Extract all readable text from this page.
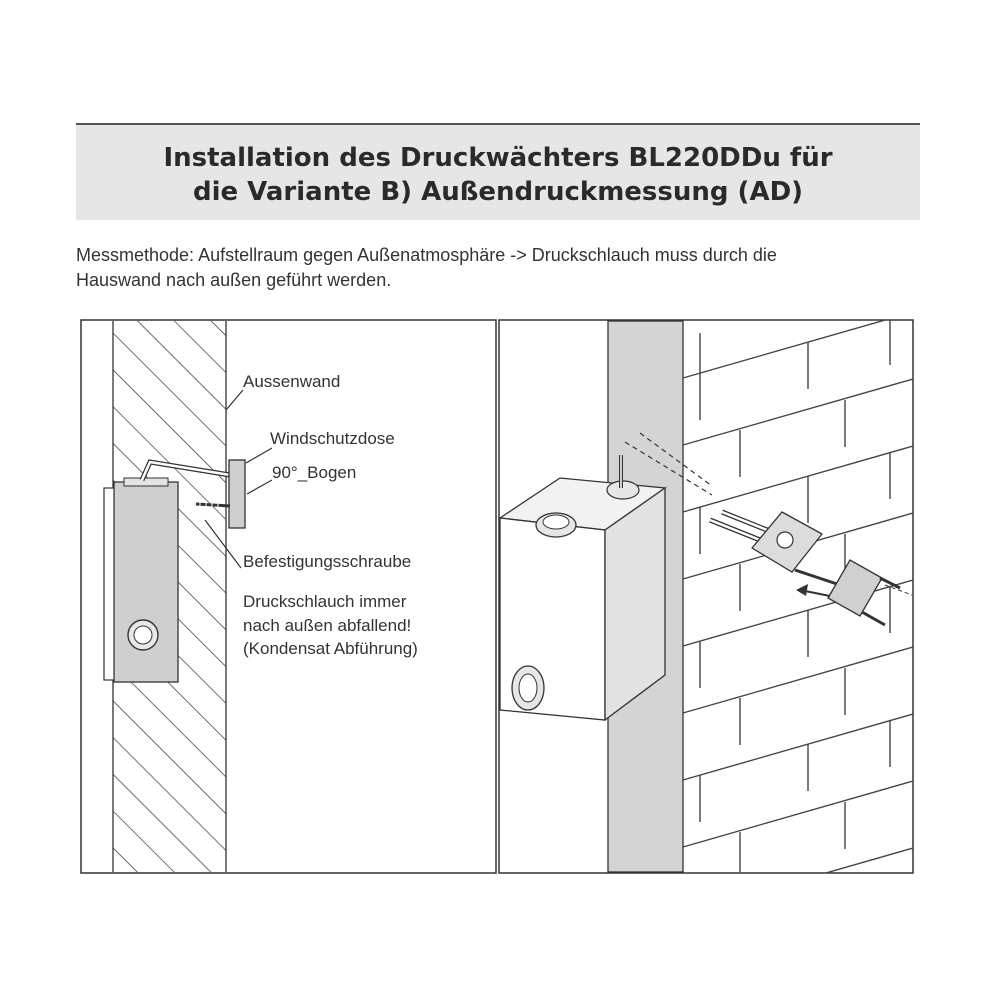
Installation des Druckwächters BL220DDu für
die Variante B) Außendruckmessung (AD)
Messmethode: Aufstellraum gegen Außenatmosphäre -> Druckschlauch muss durch die
Hauswand nach außen geführt werden.
Aussenwand
Windschutzdose
90°_Bogen
Befestigungsschraube
Druckschlauch immer
nach außen abfallend!
(Kondensat Abführung)
